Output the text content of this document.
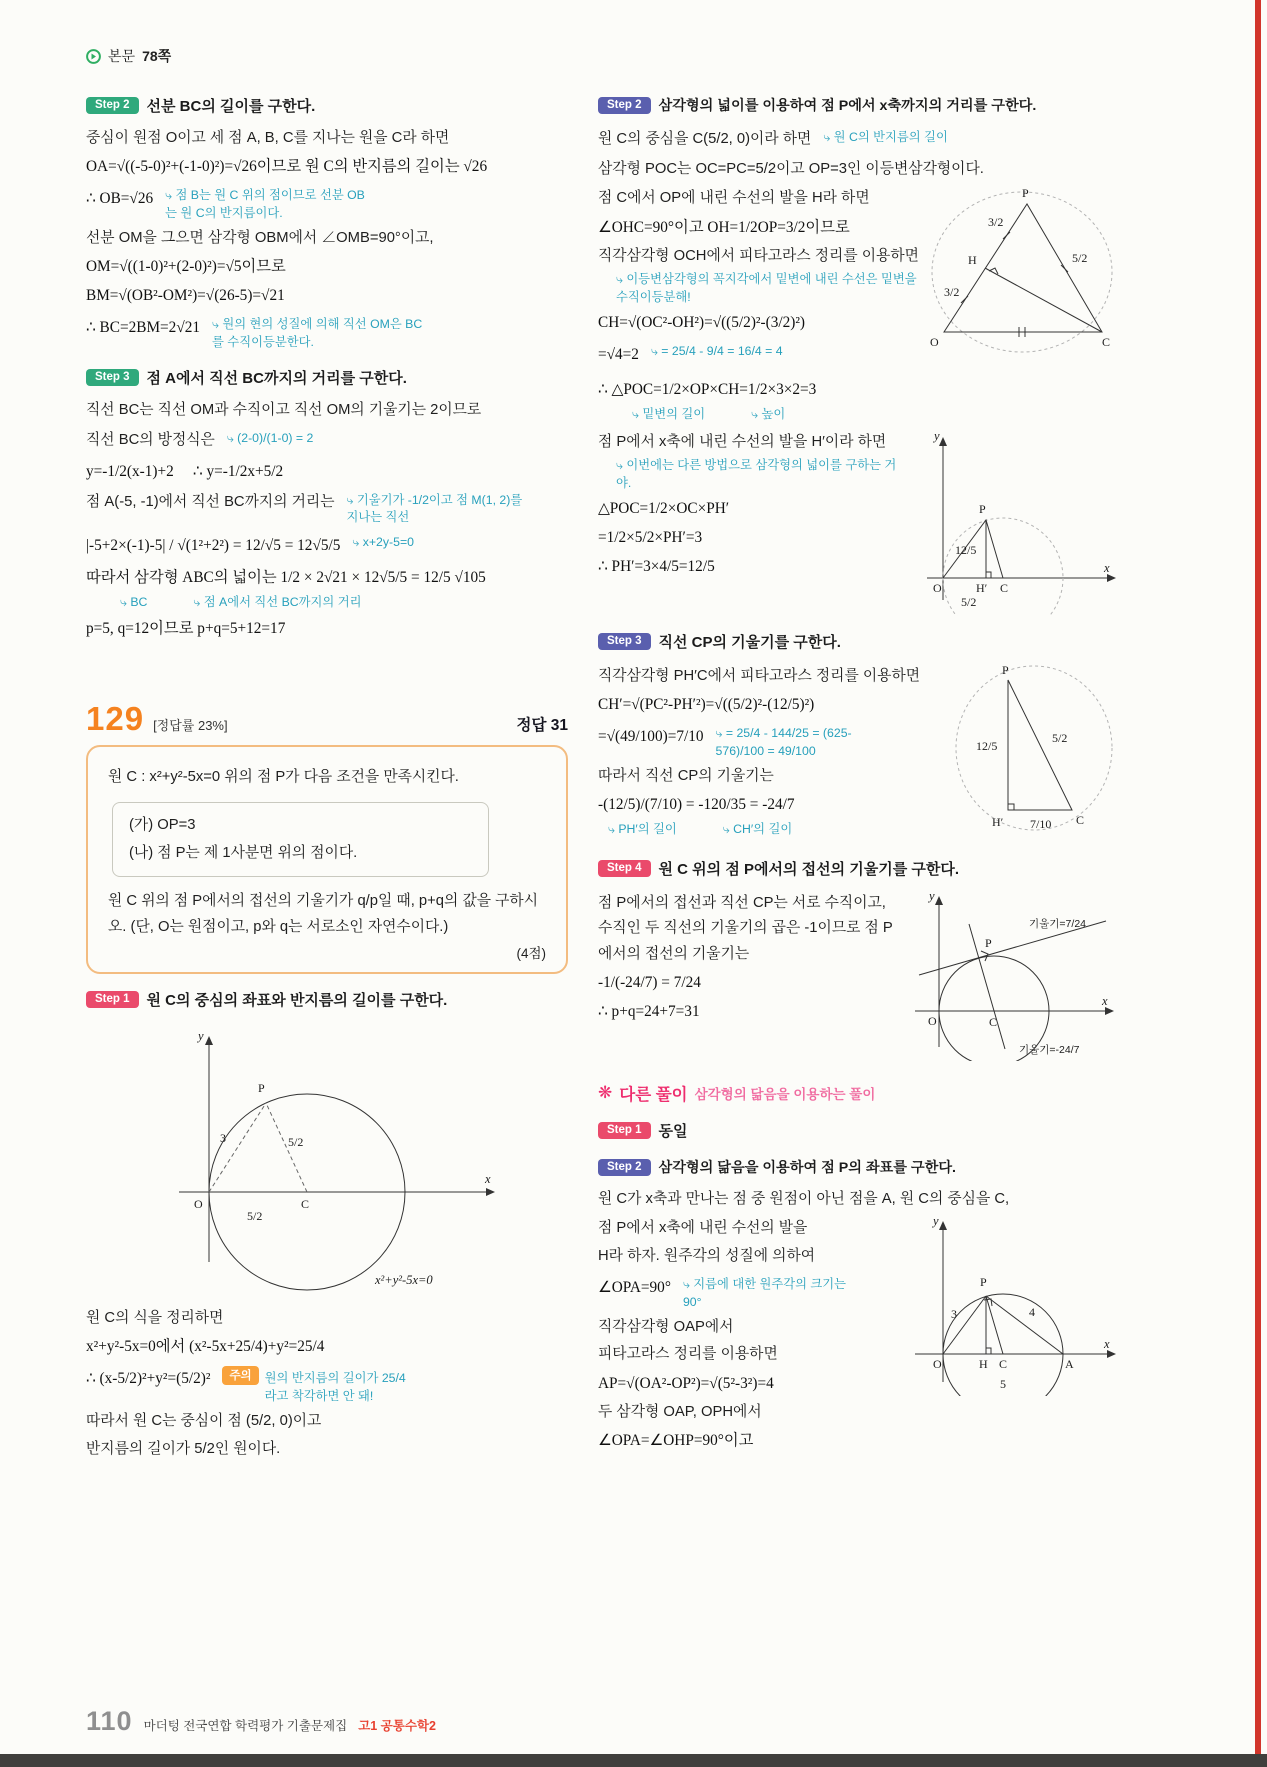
본문 78쪽
Step 2	선분 BC의 길이를 구한다.

중심이 원점 O이고 세 점 A, B, C를 지나는 원을 C라 하면

OA=√((-5-0)²+(-1-0)²)=√26이므로 원 C의 반지름의 길이는 √26

∴ OB=√26	⤷ 점 B는 원 C 위의 점이므로 선분 OB는 원 C의 반지름이다.

선분 OM을 그으면 삼각형 OBM에서 ∠OMB=90°이고,

OM=√((1-0)²+(2-0)²)=√5이므로

BM=√(OB²-OM²)=√(26-5)=√21

∴ BC=2BM=2√21	⤷ 원의 현의 성질에 의해 직선 OM은 BC를 수직이등분한다.
Step 3	점 A에서 직선 BC까지의 거리를 구한다.

직선 BC는 직선 OM과 수직이고 직선 OM의 기울기는 2이므로

직선 BC의 방정식은	⤷ (2-0)/(1-0) = 2

y=-1/2(x-1)+2     ∴ y=-1/2x+5/2

점 A(-5, -1)에서 직선 BC까지의 거리는	⤷ 기울기가 -1/2이고 점 M(1, 2)를 지나는 직선
|-5+2×(-1)-5| / √(1²+2²) = 12/√5 = 12√5/5	⤷ x+2y-5=0

따라서 삼각형 ABC의 넓이는 1/2 × 2√21 × 12√5/5 = 12/5 √105

⤷ BC	⤷ 점 A에서 직선 BC까지의 거리

p=5, q=12이므로 p+q=5+12=17

129 [정답률 23%]	정답 31

원 C : x²+y²-5x=0 위의 점 P가 다음 조건을 만족시킨다.

(가) OP=3

(나) 점 P는 제 1사분면 위의 점이다.

원 C 위의 점 P에서의 접선의 기울기가 q/p일 때, p+q의 값을 구하시오. (단, O는 원점이고, p와 q는 서로소인 자연수이다.)

(4점)

Step 1	원 C의 중심의 좌표와 반지름의 길이를 구한다.
y
x
O	C
P
3	5/2
5/2
x²+y²-5x=0

원 C의 식을 정리하면

x²+y²-5x=0에서 (x²-5x+25/4)+y²=25/4

∴ (x-5/2)²+y²=(5/2)²	주의	원의 반지름의 길이가 25/4라고 착각하면 안 돼!

따라서 원 C는 중심이 점 (5/2, 0)이고

반지름의 길이가 5/2인 원이다.

Step 2	삼각형의 넓이를 이용하여 점 P에서 x축까지의 거리를 구한다.
원 C의 중심을 C(5/2, 0)이라 하면	⤷ 원 C의 반지름의 길이

삼각형 POC는 OC=PC=5/2이고 OP=3인 이등변삼각형이다.

점 C에서 OP에 내린 수선의 발을 H라 하면

∠OHC=90°이고 OH=1/2OP=3/2이므로

직각삼각형 OCH에서 피타고라스 정리를 이용하면

⤷ 이등변삼각형의 꼭지각에서 밑변에 내린 수선은 밑변을 수직이등분해!

CH=√(OC²-OH²)=√((5/2)²-(3/2)²)

=√4=2	⤷ = 25/4 - 9/4 = 16/4 = 4
P
H
O	C
3/2
3/2
5/2

∴ △POC=1/2×OP×CH=1/2×3×2=3

⤷ 밑변의 길이	⤷ 높이

점 P에서 x축에 내린 수선의 발을 H′이라 하면

⤷ 이번에는 다른 방법으로 삼각형의 넓이를 구하는 거야.

△POC=1/2×OC×PH′

=1/2×5/2×PH′=3

∴ PH′=3×4/5=12/5

y
x
P
O
5/2
H′ C
12/5
Step 3	직선 CP의 기울기를 구한다.

직각삼각형 PH′C에서 피타고라스 정리를 이용하면

CH′=√(PC²-PH′²)=√((5/2)²-(12/5)²)

=√(49/100)=7/10	⤷ = 25/4 - 144/25 = (625-576)/100 = 49/100

따라서 직선 CP의 기울기는

-(12/5)/(7/10) = -120/35 = -24/7

⤷ PH′의 길이	⤷ CH′의 길이
P
12/5
5/2
H′ 7/10 C
Step 4	원 C 위의 점 P에서의 접선의 기울기를 구한다.

점 P에서의 접선과 직선 CP는 서로 수직이고, 수직인 두 직선의 기울기의 곱은 -1이므로 점 P에서의 접선의 기울기는

-1/(-24/7) = 7/24

∴ p+q=24+7=31

y
x
P
O	C
기울기=7/24
기울기=-24/7
❋ 다른 풀이 삼각형의 닮음을 이용하는 풀이
Step 1	동일
Step 2	삼각형의 닮음을 이용하여 점 P의 좌표를 구한다.

원 C가 x축과 만나는 점 중 원점이 아닌 점을 A, 원 C의 중심을 C,

점 P에서 x축에 내린 수선의 발을

H라 하자. 원주각의 성질에 의하여

∠OPA=90°	⤷ 지름에 대한 원주각의 크기는 90°

직각삼각형 OAP에서

피타고라스 정리를 이용하면

AP=√(OA²-OP²)=√(5²-3²)=4

두 삼각형 OAP, OPH에서

∠OPA=∠OHP=90°이고

y
x
P
3	4
O	H C	A
5
110 마더텅 전국연합 학력평가 기출문제집 고1 공통수학2
